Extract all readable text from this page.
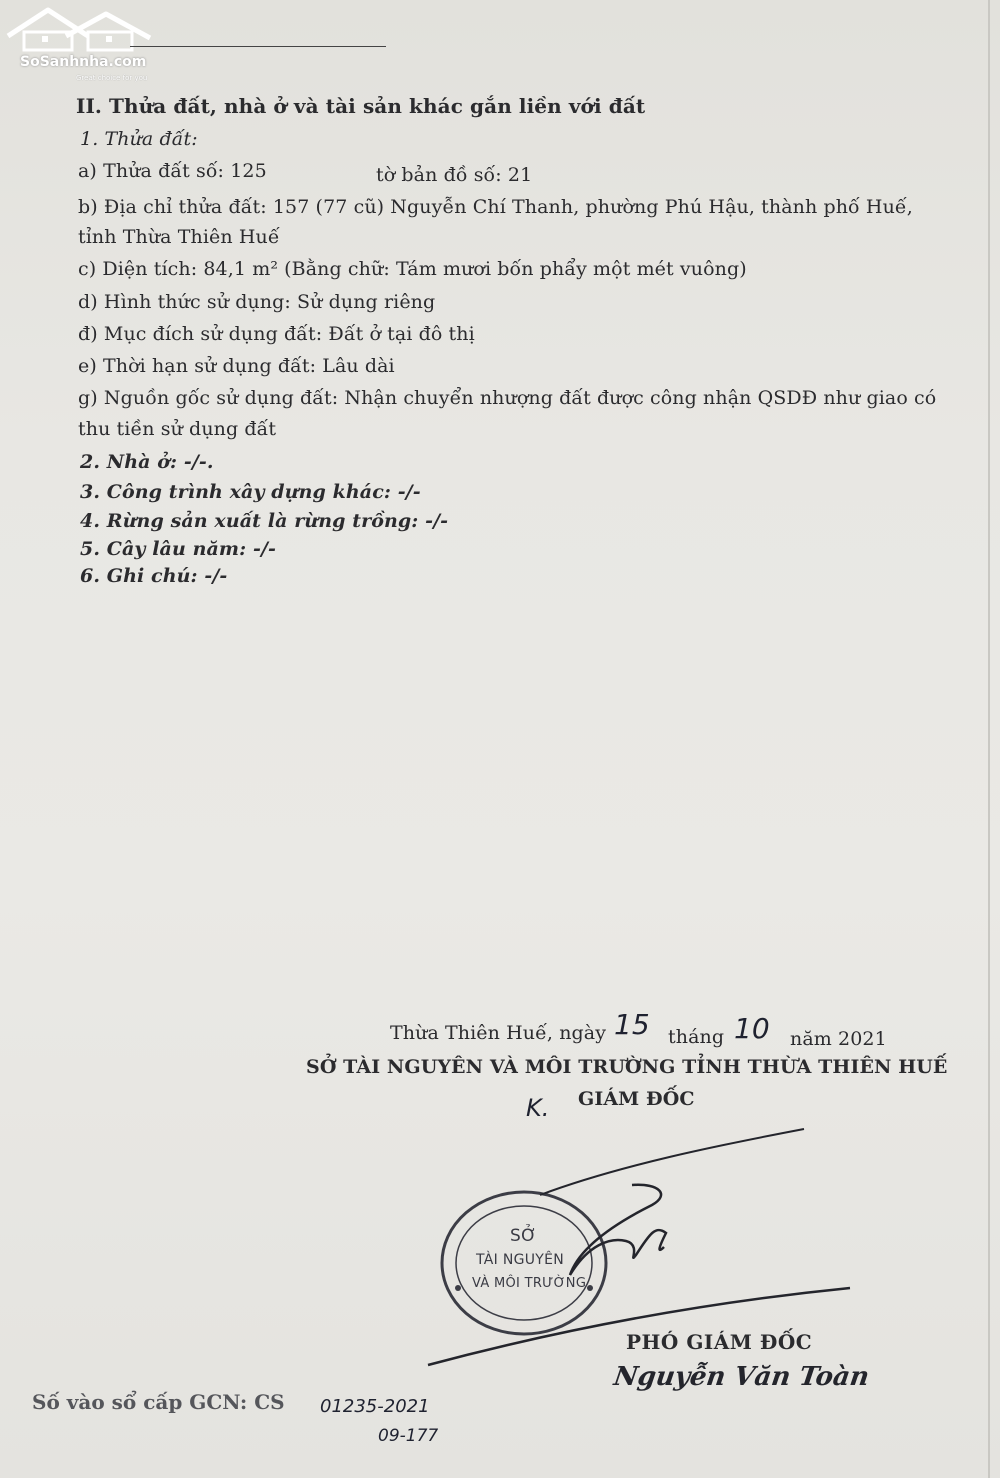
SoSanhnha.com
Great choice for you
II. Thửa đất, nhà ở và tài sản khác gắn liền với đất
1. Thửa đất:
a) Thửa đất số: 125	tờ bản đồ số: 21
b) Địa chỉ thửa đất: 157 (77 cũ) Nguyễn Chí Thanh, phường Phú Hậu, thành phố Huế,
tỉnh Thừa Thiên Huế
c) Diện tích: 84,1 m² (Bằng chữ: Tám mươi bốn phẩy một mét vuông)
d) Hình thức sử dụng: Sử dụng riêng
đ) Mục đích sử dụng đất: Đất ở tại đô thị
e) Thời hạn sử dụng đất: Lâu dài
g) Nguồn gốc sử dụng đất: Nhận chuyển nhượng đất được công nhận QSDĐ như giao có
thu tiền sử dụng đất
2. Nhà ở: -/-.
3. Công trình xây dựng khác: -/-
4. Rừng sản xuất là rừng trồng: -/-
5. Cây lâu năm: -/-
6. Ghi chú: -/-
Thừa Thiên Huế, ngày 15 tháng 10 năm 2021
SỞ TÀI NGUYÊN VÀ MÔI TRƯỜNG TỈNH THỪA THIÊN HUẾ
K. GIÁM ĐỐC
SỞ
TÀI NGUYÊN
VÀ MÔI TRƯỜNG
PHÓ GIÁM ĐỐC
Nguyễn Văn Toàn
Số vào sổ cấp GCN: CS 01235-2021
09-177
